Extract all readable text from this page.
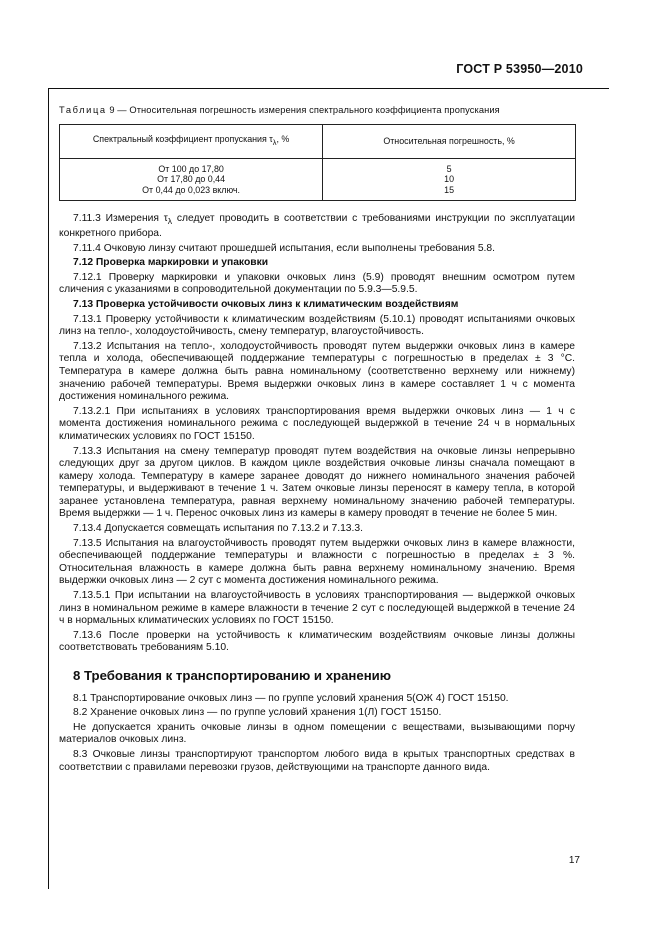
ГОСТ Р 53950—2010
Таблица 9 — Относительная погрешность измерения спектрального коэффициента пропускания
Спектральный коэффициент пропускания $\tau_\lambda$, %	Относительная погрешность, %
От 100 до 17,80	5
От 17,80 до 0,44	10
От 0,44 до 0,023 включ.	15
7.11.3 Измерения $\tau_\lambda$ следует проводить в соответствии с требованиями инструкции по эксплуатации конкретного прибора.
7.11.4 Очковую линзу считают прошедшей испытания, если выполнены требования 5.8.
7.12 Проверка маркировки и упаковки
7.12.1 Проверку маркировки и упаковки очковых линз (5.9) проводят внешним осмотром путем сличения с указаниями в сопроводительной документации по 5.9.3—5.9.5.
7.13 Проверка устойчивости очковых линз к климатическим воздействиям
7.13.1 Проверку устойчивости к климатическим воздействиям (5.10.1) проводят испытаниями очковых линз на тепло-, холодоустойчивость, смену температур, влагоустойчивость.
7.13.2 Испытания на тепло-, холодоустойчивость проводят путем выдержки очковых линз в камере тепла и холода, обеспечивающей поддержание температуры с погрешностью в пределах ± 3 °С. Температура в камере должна быть равна номинальному (соответственно верхнему или нижнему) значению рабочей температуры. Время выдержки очковых линз в камере составляет 1 ч с момента достижения номинального режима.
7.13.2.1 При испытаниях в условиях транспортирования время выдержки очковых линз — 1 ч с момента достижения номинального режима с последующей выдержкой в течение 24 ч в нормальных климатических условиях по ГОСТ 15150.
7.13.3 Испытания на смену температур проводят путем воздействия на очковые линзы непрерывно следующих друг за другом циклов. В каждом цикле воздействия очковые линзы сначала помещают в камеру холода. Температуру в камере заранее доводят до нижнего номинального значения рабочей температуры, и выдерживают в течение 1 ч. Затем очковые линзы переносят в камеру тепла, в которой заранее установлена температура, равная верхнему номинальному значению рабочей температуры. Время выдержки — 1 ч. Перенос очковых линз из камеры в камеру проводят в течение не более 5 мин.
7.13.4 Допускается совмещать испытания по 7.13.2 и 7.13.3.
7.13.5 Испытания на влагоустойчивость проводят путем выдержки очковых линз в камере влажности, обеспечивающей поддержание температуры и влажности с погрешностью в пределах ± 3 %. Относительная влажность в камере должна быть равна верхнему номинальному значению. Время выдержки очковых линз — 2 сут с момента достижения номинального режима.
7.13.5.1 При испытании на влагоустойчивость в условиях транспортирования — выдержкой очковых линз в номинальном режиме в камере влажности в течение 2 сут с последующей выдержкой в течение 24 ч в нормальных климатических условиях по ГОСТ 15150.
7.13.6 После проверки на устойчивость к климатическим воздействиям очковые линзы должны соответствовать требованиям 5.10.
8 Требования к транспортированию и хранению
8.1 Транспортирование очковых линз — по группе условий хранения 5(ОЖ 4) ГОСТ 15150.
8.2 Хранение очковых линз — по группе условий хранения 1(Л) ГОСТ 15150.
Не допускается хранить очковые линзы в одном помещении с веществами, вызывающими порчу материалов очковых линз.
8.3 Очковые линзы транспортируют транспортом любого вида в крытых транспортных средствах в соответствии с правилами перевозки грузов, действующими на транспорте данного вида.
17
